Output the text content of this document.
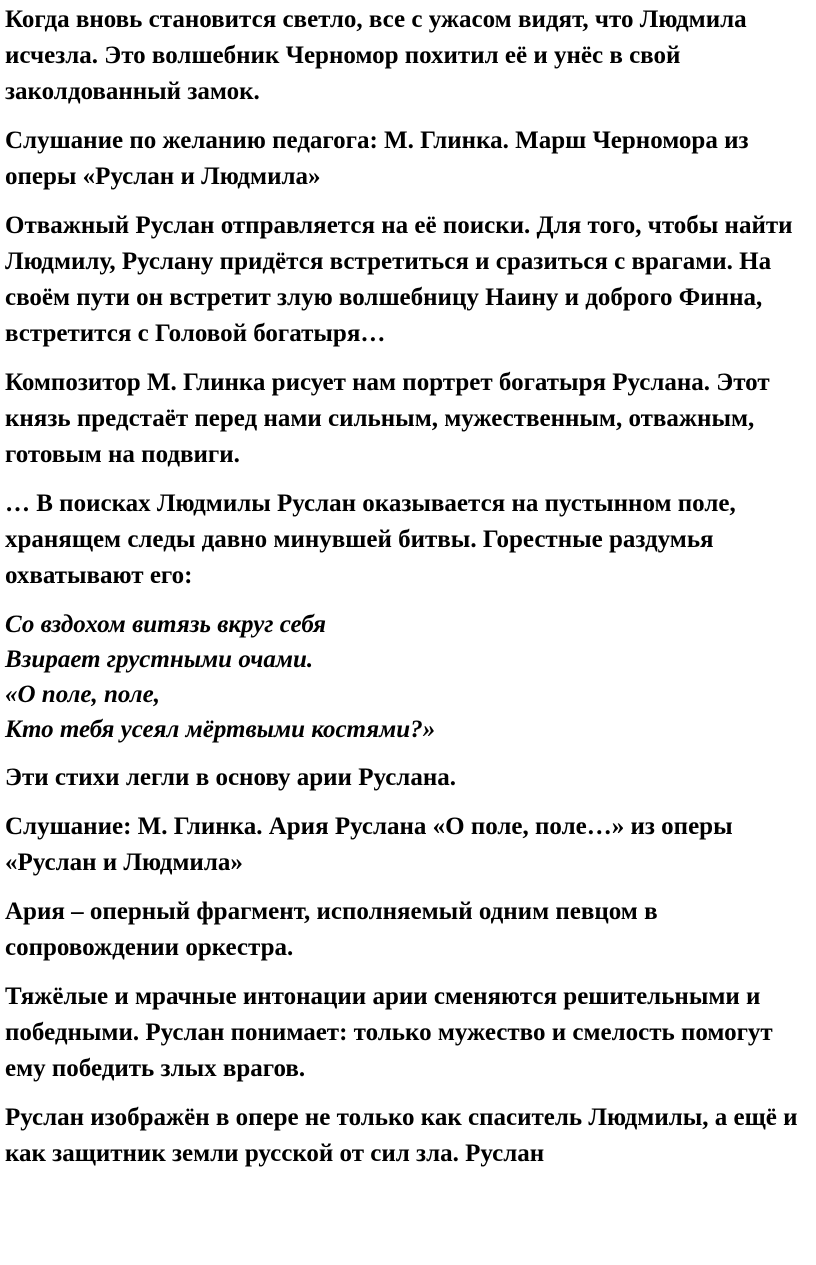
Когда вновь становится светло, все с ужасом видят, что Людмила исчезла. Это волшебник Черномор похитил её и унёс в свой заколдованный замок.

Слушание по желанию педагога: М. Глинка. Марш Черномора из оперы «Руслан и Людмила»

Отважный Руслан отправляется на её поиски. Для того, чтобы найти Людмилу, Руслану придётся встретиться и сразиться с врагами. На своём пути он встретит злую волшебницу Наину и доброго Финна, встретится с Головой богатыря…

Композитор М. Глинка рисует нам портрет богатыря Руслана. Этот князь предстаёт перед нами сильным, мужественным, отважным, готовым на подвиги.

… В поисках Людмилы Руслан оказывается на пустынном поле, хранящем следы давно минувшей битвы. Горестные раздумья охватывают его:

Со вздохом витязь вкруг себя
Взирает грустными очами.
«О поле, поле,
Кто тебя усеял мёртвыми костями?»

Эти стихи легли в основу арии Руслана.

Слушание: М. Глинка. Ария Руслана «О поле, поле…» из оперы «Руслан и Людмила»

Ария – оперный фрагмент, исполняемый одним певцом в сопровождении оркестра.

Тяжёлые и мрачные интонации арии сменяются решительными и победными. Руслан понимает: только мужество и смелость помогут ему победить злых врагов.

Руслан изображён в опере не только как спаситель Людмилы, а ещё и как защитник земли русской от сил зла. Руслан
